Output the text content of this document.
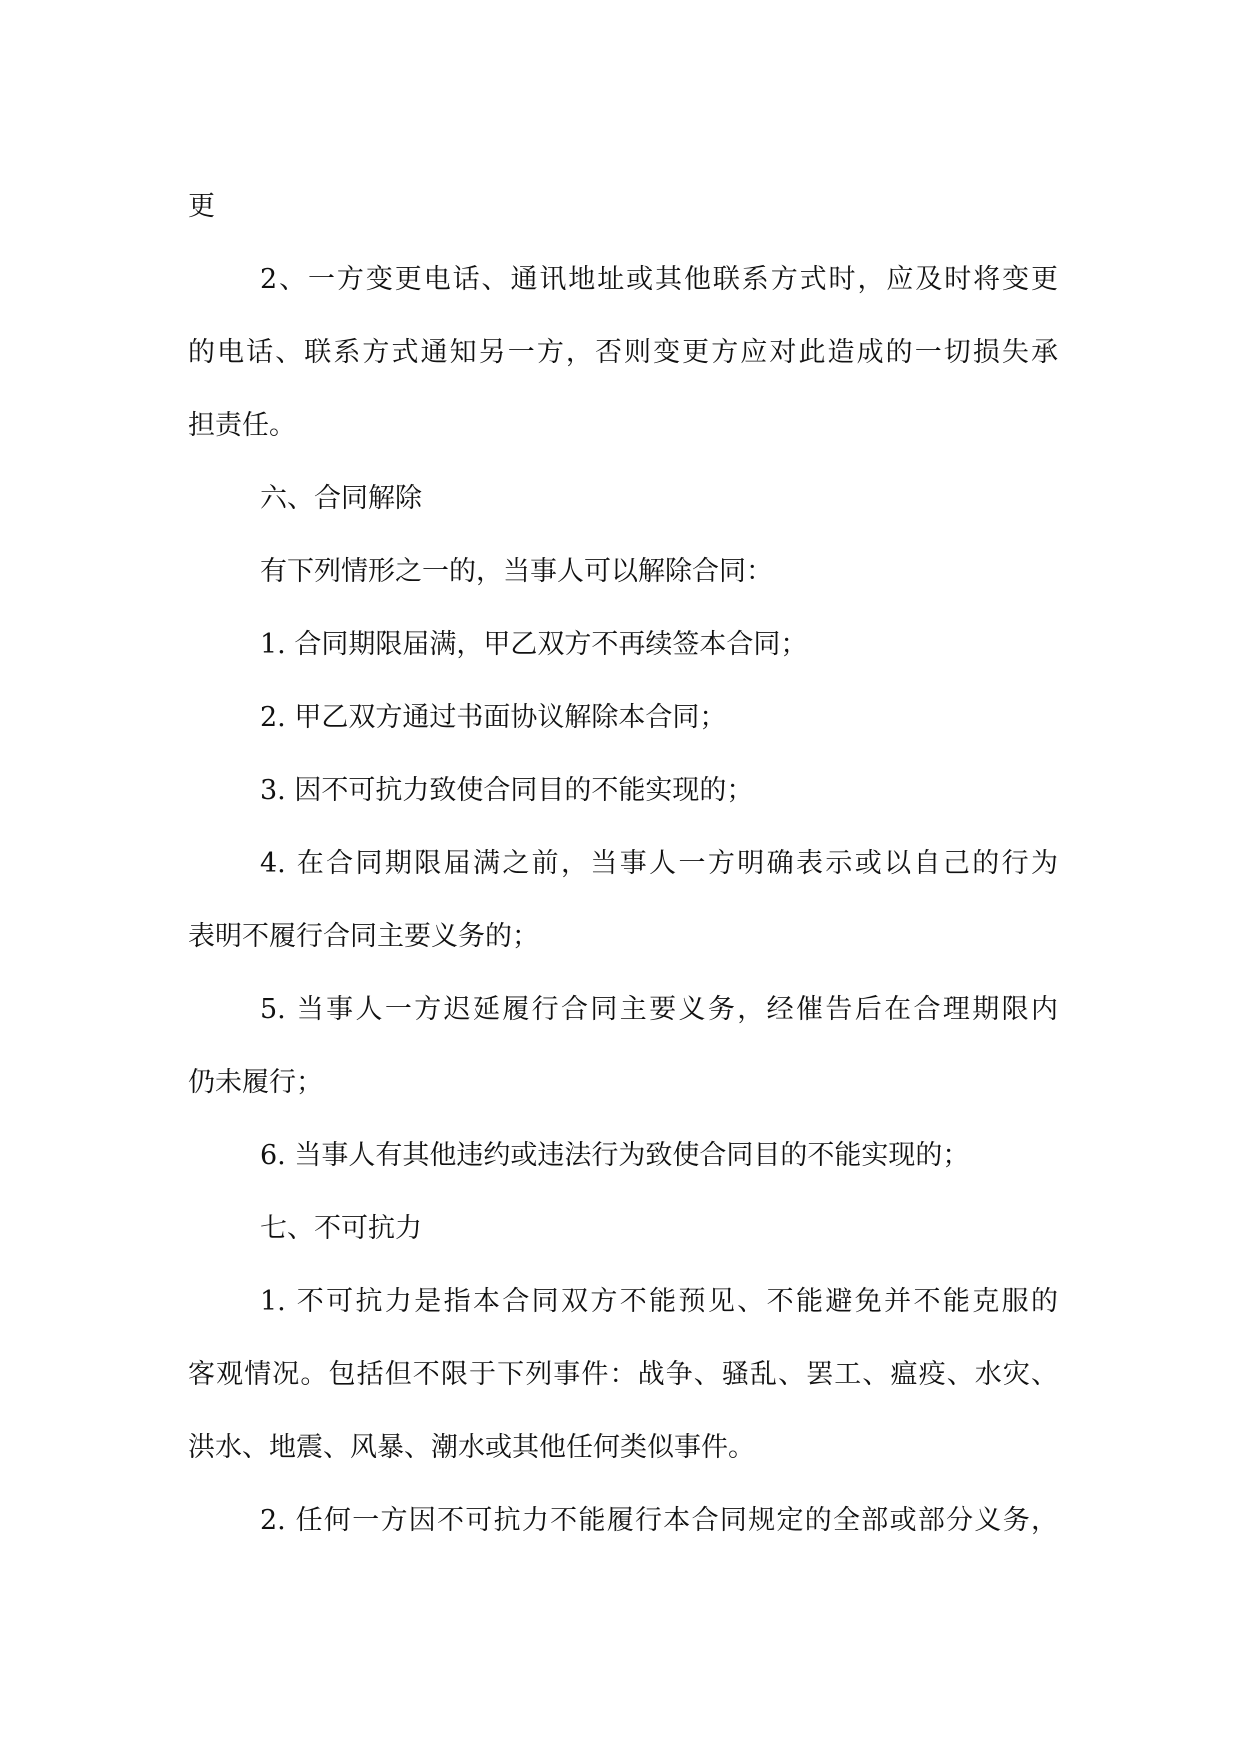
更

2、一方变更电话、通讯地址或其他联系方式时，应及时将变更

的电话、联系方式通知另一方，否则变更方应对此造成的一切损失承

担责任。

六、合同解除

有下列情形之一的，当事人可以解除合同：

1. 合同期限届满，甲乙双方不再续签本合同；

2. 甲乙双方通过书面协议解除本合同；

3. 因不可抗力致使合同目的不能实现的；

4. 在合同期限届满之前，当事人一方明确表示或以自己的行为

表明不履行合同主要义务的；

5. 当事人一方迟延履行合同主要义务，经催告后在合理期限内

仍未履行；

6. 当事人有其他违约或违法行为致使合同目的不能实现的；

七、不可抗力

1. 不可抗力是指本合同双方不能预见、不能避免并不能克服的

客观情况。包括但不限于下列事件：战争、骚乱、罢工、瘟疫、水灾、

洪水、地震、风暴、潮水或其他任何类似事件。

2. 任何一方因不可抗力不能履行本合同规定的全部或部分义务，
